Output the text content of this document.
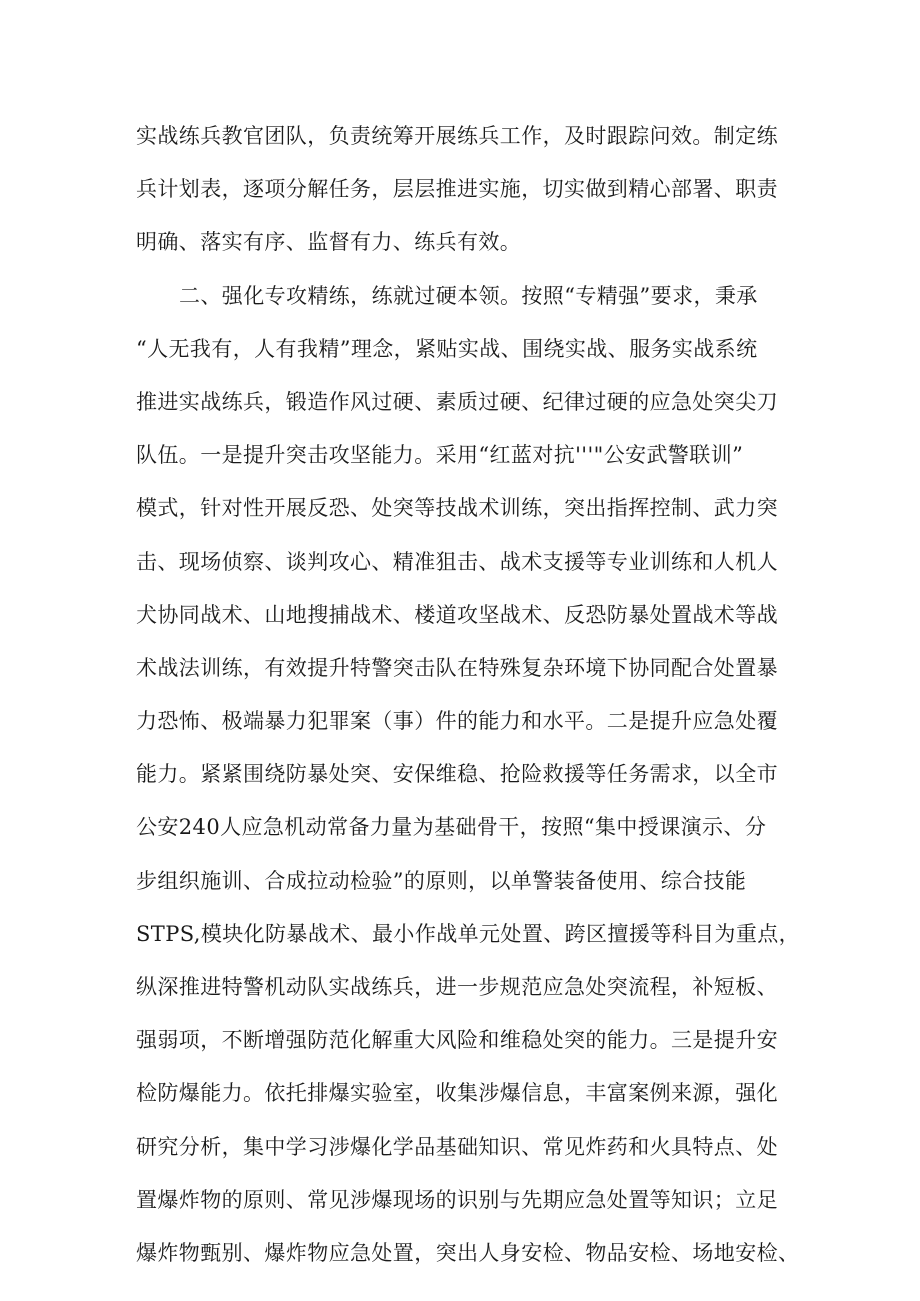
实战练兵教官团队，负责统筹开展练兵工作，及时跟踪问效。制定练
兵计划表，逐项分解任务，层层推进实施，切实做到精心部署、职责
明确、落实有序、监督有力、练兵有效。
二、强化专攻精练，练就过硬本领。按照“专精强”要求，秉承
“人无我有，人有我精”理念，紧贴实战、围绕实战、服务实战系统
推进实战练兵，锻造作风过硬、素质过硬、纪律过硬的应急处突尖刀
队伍。一是提升突击攻坚能力。采用“红蓝对抗'''"公安武警联训”
模式，针对性开展反恐、处突等技战术训练，突出指挥控制、武力突
击、现场侦察、谈判攻心、精准狙击、战术支援等专业训练和人机人
犬协同战术、山地搜捕战术、楼道攻坚战术、反恐防暴处置战术等战
术战法训练，有效提升特警突击队在特殊复杂环境下协同配合处置暴
力恐怖、极端暴力犯罪案（事）件的能力和水平。二是提升应急处覆
能力。紧紧围绕防暴处突、安保维稳、抢险救援等任务需求，以全市
公安240人应急机动常备力量为基础骨干，按照“集中授课演示、分
步组织施训、合成拉动检验”的原则，以单警装备使用、综合技能
STPS,模块化防暴战术、最小作战单元处置、跨区擅援等科目为重点，
纵深推进特警机动队实战练兵，进一步规范应急处突流程，补短板、
强弱项，不断增强防范化解重大风险和维稳处突的能力。三是提升安
检防爆能力。依托排爆实验室，收集涉爆信息，丰富案例来源，强化
研究分析，集中学习涉爆化学品基础知识、常见炸药和火具特点、处
置爆炸物的原则、常见涉爆现场的识别与先期应急处置等知识；立足
爆炸物甄别、爆炸物应急处置，突出人身安检、物品安检、场地安检、
